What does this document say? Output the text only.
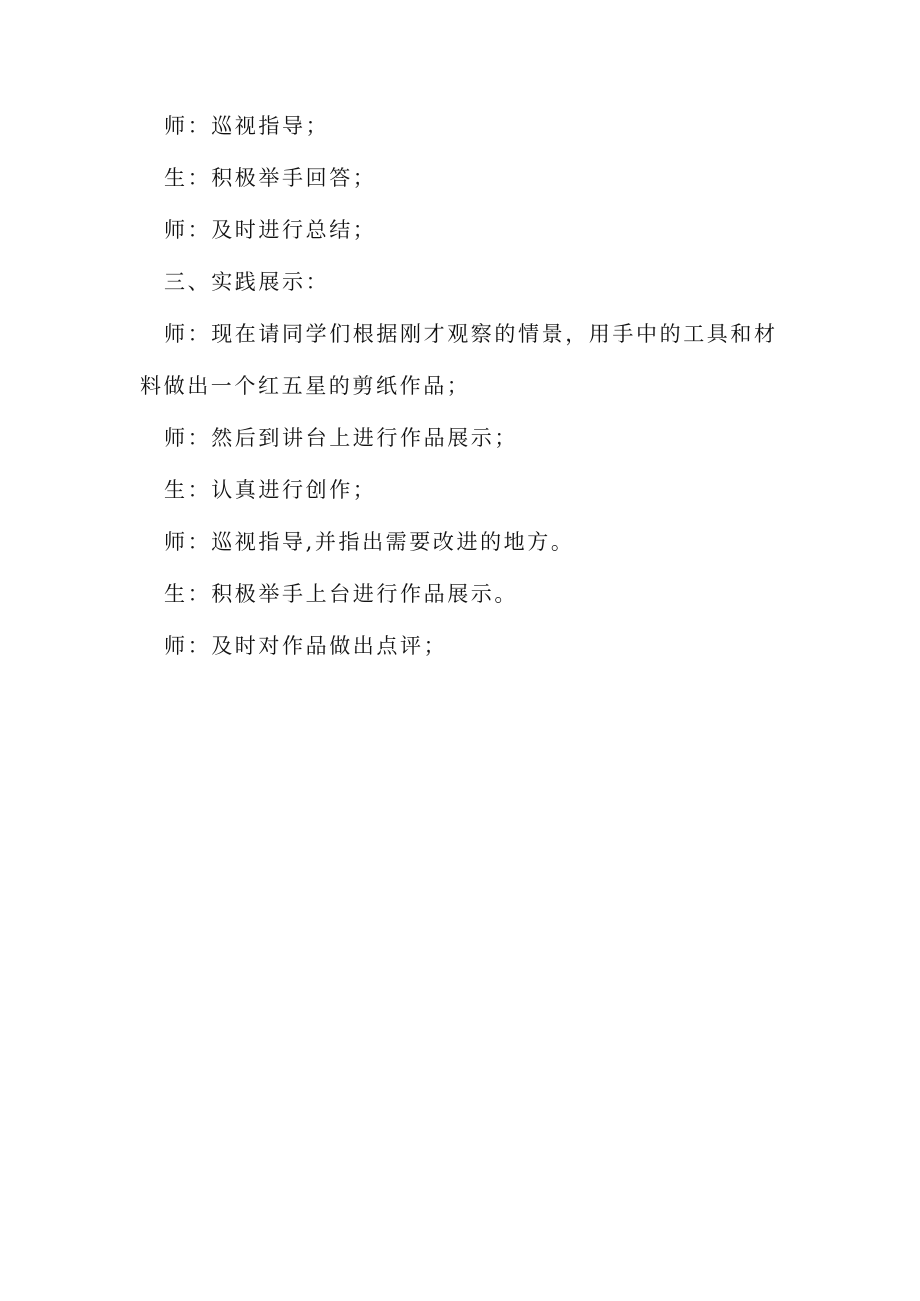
师：巡视指导；

生：积极举手回答；

师：及时进行总结；

三、实践展示：

师：现在请同学们根据刚才观察的情景，用手中的工具和材料做出一个红五星的剪纸作品；

师：然后到讲台上进行作品展示；

生：认真进行创作；

师：巡视指导,并指出需要改进的地方。

生：积极举手上台进行作品展示。

师：及时对作品做出点评；
